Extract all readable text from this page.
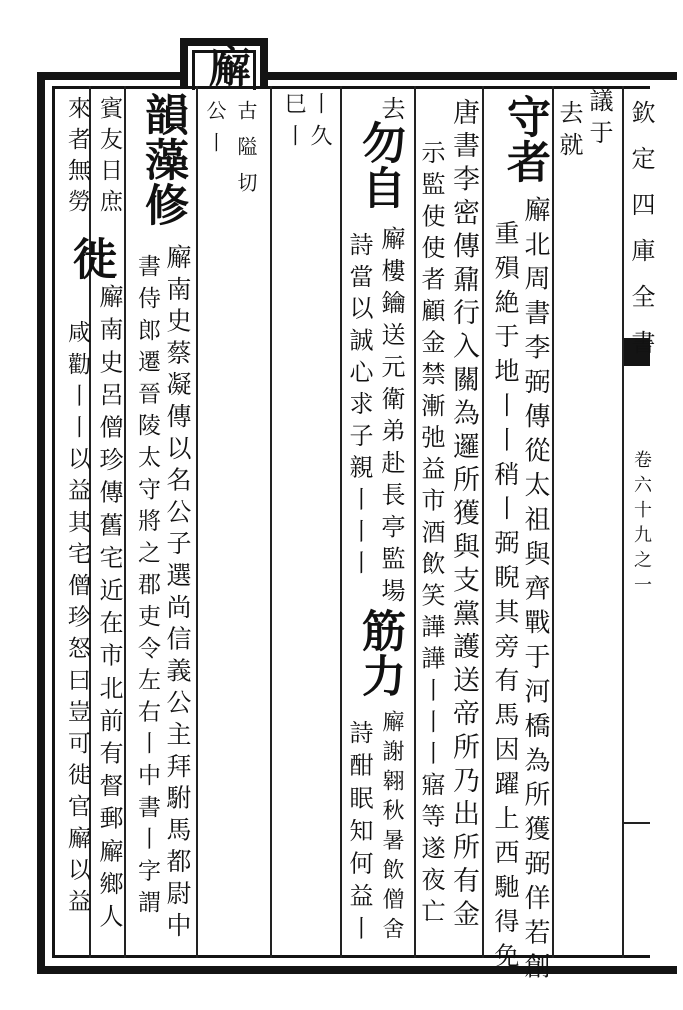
欽定四庫全書
卷六十九之一
廨
古隘
切
公丨	議于
去就
守者
廨北周書李弼傳從太祖與齊戰于河橋為所獲弼佯若創
重殞絶于地丨丨稍丨弼睨其旁有馬因躍上西馳得免
唐書李密傳鼐行入關為邏所獲與支黨護送帝所乃出所有金
示監使使者顧金禁漸弛益市酒飲笑譁譁丨丨丨寤等遂夜亡
去
勿自
廨樓鑰送元衛弟赴長亭監場
筋力
廨謝翱秋暑飲僧舍
詩當以誠心求子親丨丨丨
詩酣眠知何益丨
丨久
巳丨
韻藻修
廨南史蔡凝傳以名公子選尚信義公主拜駙馬都尉中
書侍郎遷晉陵太守將之郡吏令左右丨中書丨字謂
賓友日庶
徙
廨南史呂僧珍傳舊宅近在市北前有督郵廨鄉人
來者無勞
咸勸丨丨以益其宅僧珍怒曰豈可徙官廨以益
